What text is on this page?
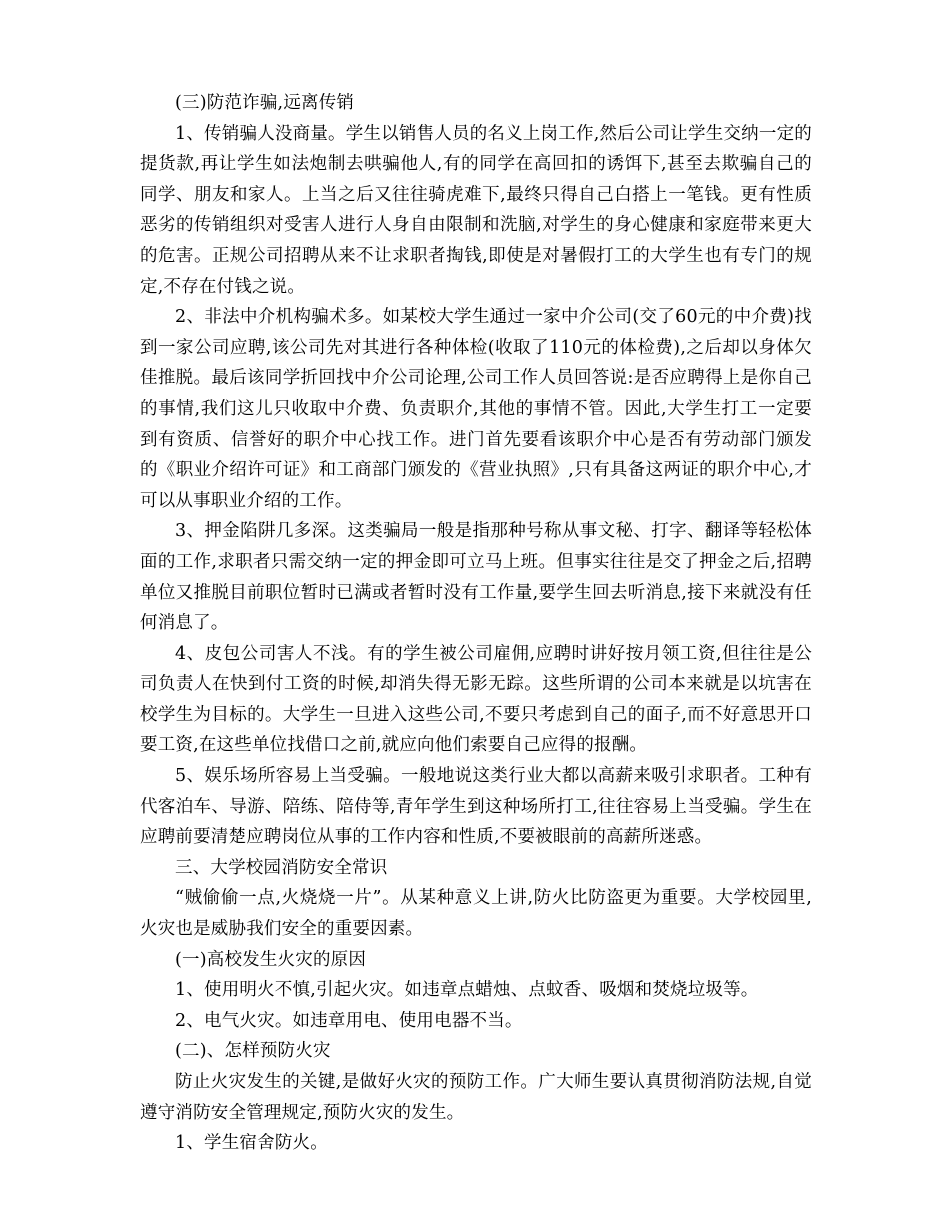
(三)防范诈骗,远离传销

1、传销骗人没商量。学生以销售人员的名义上岗工作,然后公司让学生交纳一定的提货款,再让学生如法炮制去哄骗他人,有的同学在高回扣的诱饵下,甚至去欺骗自己的同学、朋友和家人。上当之后又往往骑虎难下,最终只得自己白搭上一笔钱。更有性质恶劣的传销组织对受害人进行人身自由限制和洗脑,对学生的身心健康和家庭带来更大的危害。正规公司招聘从来不让求职者掏钱,即使是对暑假打工的大学生也有专门的规定,不存在付钱之说。

2、非法中介机构骗术多。如某校大学生通过一家中介公司(交了60元的中介费)找到一家公司应聘,该公司先对其进行各种体检(收取了110元的体检费),之后却以身体欠佳推脱。最后该同学折回找中介公司论理,公司工作人员回答说:是否应聘得上是你自己的事情,我们这儿只收取中介费、负责职介,其他的事情不管。因此,大学生打工一定要到有资质、信誉好的职介中心找工作。进门首先要看该职介中心是否有劳动部门颁发的《职业介绍许可证》和工商部门颁发的《营业执照》,只有具备这两证的职介中心,才可以从事职业介绍的工作。

3、押金陷阱几多深。这类骗局一般是指那种号称从事文秘、打字、翻译等轻松体面的工作,求职者只需交纳一定的押金即可立马上班。但事实往往是交了押金之后,招聘单位又推脱目前职位暂时已满或者暂时没有工作量,要学生回去听消息,接下来就没有任何消息了。

4、皮包公司害人不浅。有的学生被公司雇佣,应聘时讲好按月领工资,但往往是公司负责人在快到付工资的时候,却消失得无影无踪。这些所谓的公司本来就是以坑害在校学生为目标的。大学生一旦进入这些公司,不要只考虑到自己的面子,而不好意思开口要工资,在这些单位找借口之前,就应向他们索要自己应得的报酬。

5、娱乐场所容易上当受骗。一般地说这类行业大都以高薪来吸引求职者。工种有代客泊车、导游、陪练、陪侍等,青年学生到这种场所打工,往往容易上当受骗。学生在应聘前要清楚应聘岗位从事的工作内容和性质,不要被眼前的高薪所迷惑。

三、大学校园消防安全常识

“贼偷偷一点,火烧烧一片”。从某种意义上讲,防火比防盗更为重要。大学校园里,火灾也是威胁我们安全的重要因素。

(一)高校发生火灾的原因

1、使用明火不慎,引起火灾。如违章点蜡烛、点蚊香、吸烟和焚烧垃圾等。

2、电气火灾。如违章用电、使用电器不当。

(二)、怎样预防火灾

防止火灾发生的关键,是做好火灾的预防工作。广大师生要认真贯彻消防法规,自觉遵守消防安全管理规定,预防火灾的发生。

1、学生宿舍防火。
